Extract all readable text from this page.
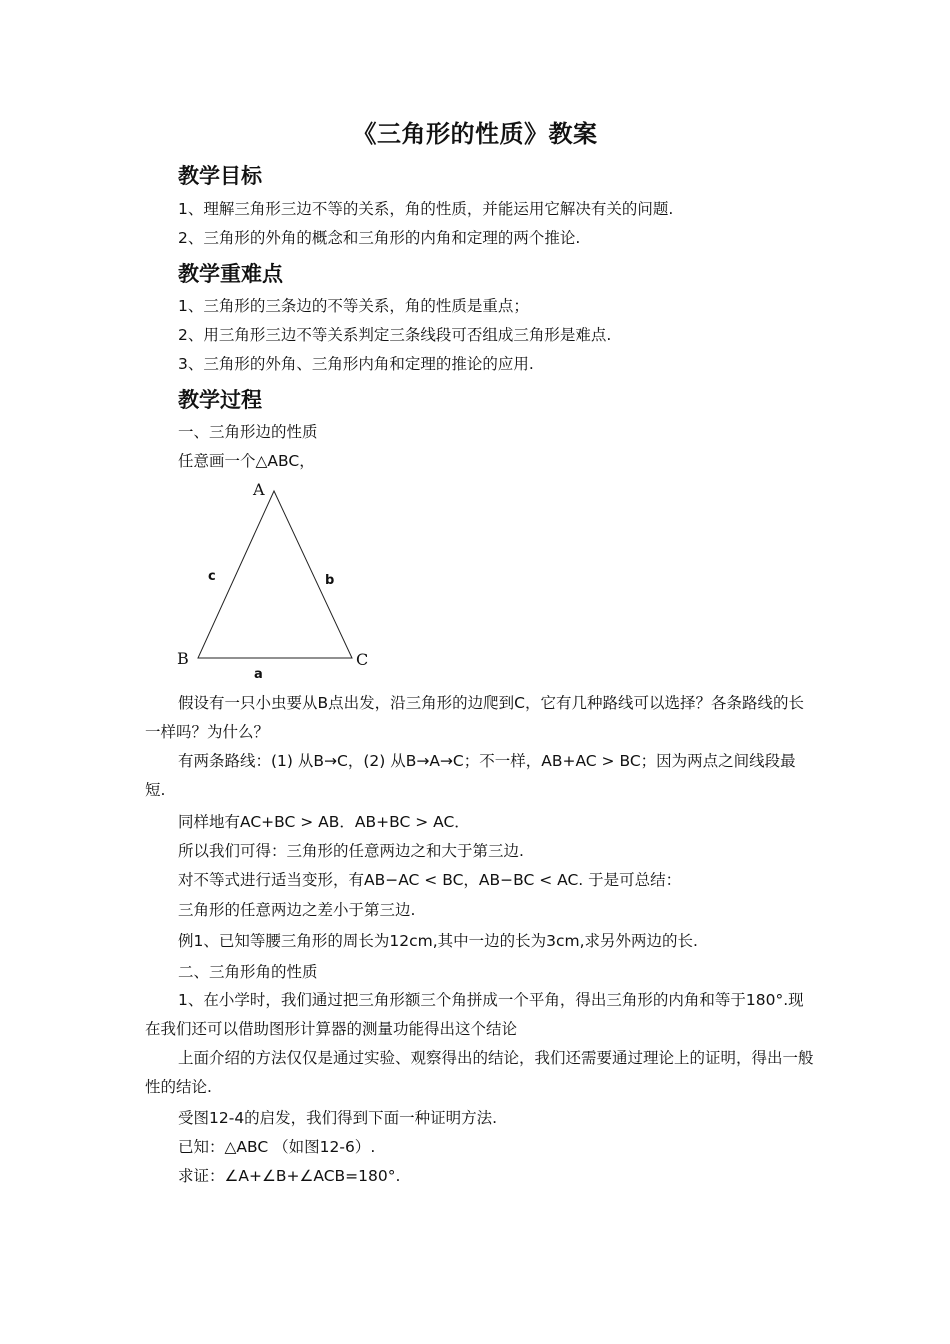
《三角形的性质》教案
教学目标
1、理解三角形三边不等的关系，角的性质，并能运用它解决有关的问题.
2、三角形的外角的概念和三角形的内角和定理的两个推论.
教学重难点
1、三角形的三条边的不等关系，角的性质是重点；
2、用三角形三边不等关系判定三条线段可否组成三角形是难点.
3、三角形的外角、三角形内角和定理的推论的应用.
教学过程
一、三角形边的性质
任意画一个△ABC，
A
B	C
c	b
a
假设有一只小虫要从B点出发，沿三角形的边爬到C，它有几种路线可以选择？各条路线的长一样吗？为什么？
有两条路线：(1) 从B→C，(2) 从B→A→C；不一样，AB+AC > BC；因为两点之间线段最短.
同样地有AC+BC > AB．AB+BC > AC．
所以我们可得：三角形的任意两边之和大于第三边.
对不等式进行适当变形，有AB−AC < BC，AB−BC < AC. 于是可总结：
三角形的任意两边之差小于第三边.
例1、已知等腰三角形的周长为12cm,其中一边的长为3cm,求另外两边的长.
二、三角形角的性质
1、在小学时，我们通过把三角形额三个角拼成一个平角，得出三角形的内角和等于180°.现在我们还可以借助图形计算器的测量功能得出这个结论
上面介绍的方法仅仅是通过实验、观察得出的结论，我们还需要通过理论上的证明，得出一般性的结论.
受图12-4的启发，我们得到下面一种证明方法.
已知：△ABC （如图12-6）.
求证：∠A+∠B+∠ACB=180°.
